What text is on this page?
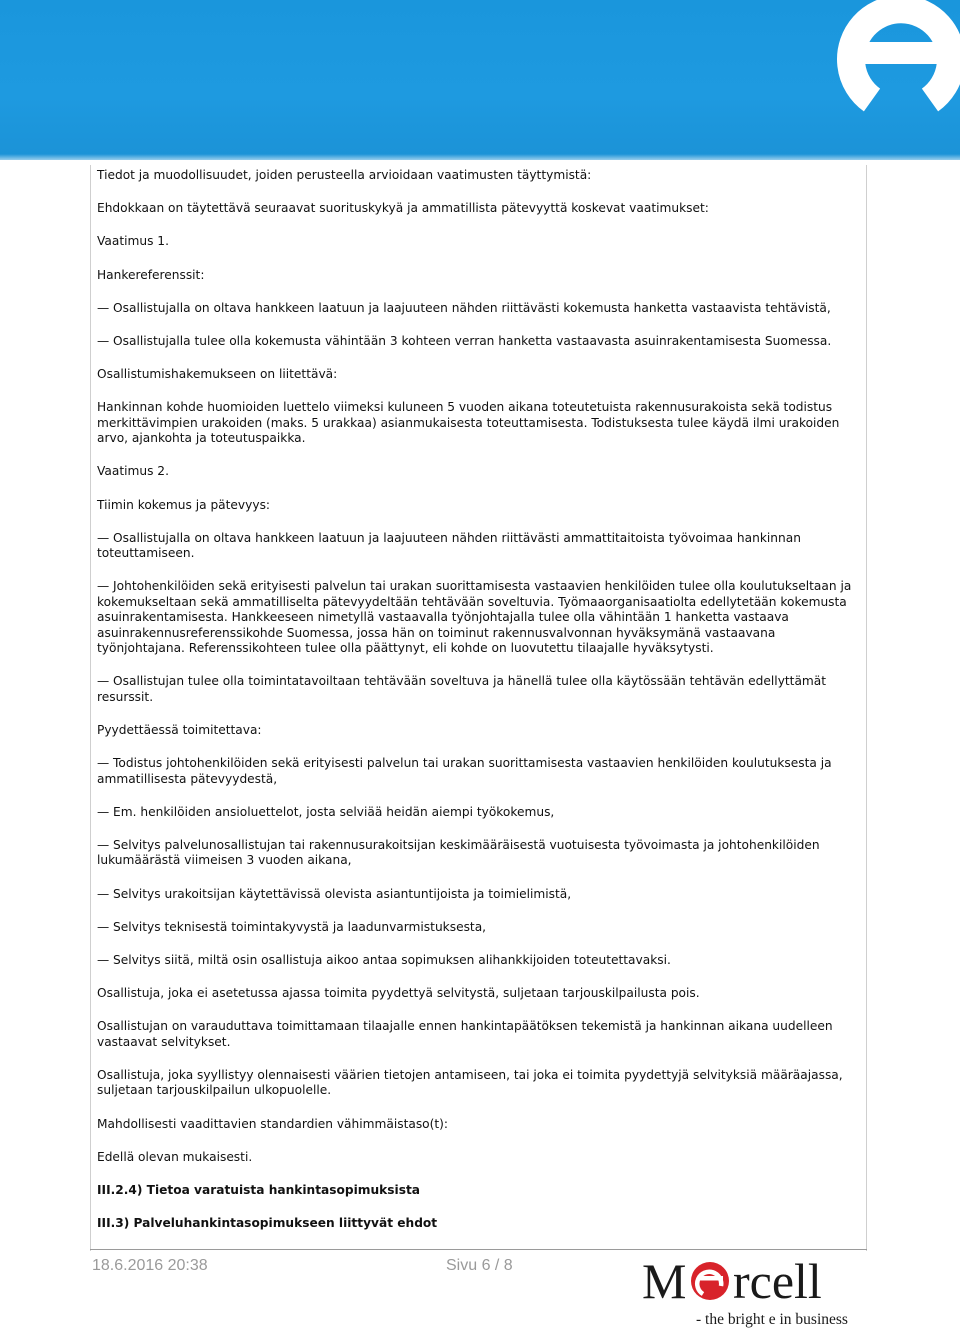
Tiedot ja muodollisuudet, joiden perusteella arvioidaan vaatimusten täyttymistä:

Ehdokkaan on täytettävä seuraavat suorituskykyä ja ammatillista pätevyyttä koskevat vaatimukset:

Vaatimus 1.

Hankereferenssit:

— Osallistujalla on oltava hankkeen laatuun ja laajuuteen nähden riittävästi kokemusta hanketta vastaavista tehtävistä,

— Osallistujalla tulee olla kokemusta vähintään 3 kohteen verran hanketta vastaavasta asuinrakentamisesta Suomessa.

Osallistumishakemukseen on liitettävä:

Hankinnan kohde huomioiden luettelo viimeksi kuluneen 5 vuoden aikana toteutetuista rakennusurakoista sekä todistus merkittävimpien urakoiden (maks. 5 urakkaa) asianmukaisesta toteuttamisesta. Todistuksesta tulee käydä ilmi urakoiden arvo, ajankohta ja toteutuspaikka.

Vaatimus 2.

Tiimin kokemus ja pätevyys:

— Osallistujalla on oltava hankkeen laatuun ja laajuuteen nähden riittävästi ammattitaitoista työvoimaa hankinnan toteuttamiseen.

— Johtohenkilöiden sekä erityisesti palvelun tai urakan suorittamisesta vastaavien henkilöiden tulee olla koulutukseltaan ja kokemukseltaan sekä ammatilliselta pätevyydeltään tehtävään soveltuvia. Työmaaorganisaatiolta edellytetään kokemusta asuinrakentamisesta. Hankkeeseen nimetyllä vastaavalla työnjohtajalla tulee olla vähintään 1 hanketta vastaava asuinrakennusreferenssikohde Suomessa, jossa hän on toiminut rakennusvalvonnan hyväksymänä vastaavana työnjohtajana. Referenssikohteen tulee olla päättynyt, eli kohde on luovutettu tilaajalle hyväksytysti.

— Osallistujan tulee olla toimintatavoiltaan tehtävään soveltuva ja hänellä tulee olla käytössään tehtävän edellyttämät resurssit.

Pyydettäessä toimitettava:

— Todistus johtohenkilöiden sekä erityisesti palvelun tai urakan suorittamisesta vastaavien henkilöiden koulutuksesta ja ammatillisesta pätevyydestä,

— Em. henkilöiden ansioluettelot, josta selviää heidän aiempi työkokemus,

— Selvitys palvelunosallistujan tai rakennusurakoitsijan keskimääräisestä vuotuisesta työvoimasta ja johtohenkilöiden lukumäärästä viimeisen 3 vuoden aikana,

— Selvitys urakoitsijan käytettävissä olevista asiantuntijoista ja toimielimistä,

— Selvitys teknisestä toimintakyvystä ja laadunvarmistuksesta,

— Selvitys siitä, miltä osin osallistuja aikoo antaa sopimuksen alihankkijoiden toteutettavaksi.

Osallistuja, joka ei asetetussa ajassa toimita pyydettyä selvitystä, suljetaan tarjouskilpailusta pois.

Osallistujan on varauduttava toimittamaan tilaajalle ennen hankintapäätöksen tekemistä ja hankinnan aikana uudelleen vastaavat selvitykset.

Osallistuja, joka syyllistyy olennaisesti väärien tietojen antamiseen, tai joka ei toimita pyydettyjä selvityksiä määräajassa, suljetaan tarjouskilpailun ulkopuolelle.

Mahdollisesti vaadittavien standardien vähimmäistaso(t):

Edellä olevan mukaisesti.

III.2.4) Tietoa varatuista hankintasopimuksista

III.3) Palveluhankintasopimukseen liittyvät ehdot

18.6.2016 20:38	Sivu 6 / 8	M rcell
- the bright e in business
